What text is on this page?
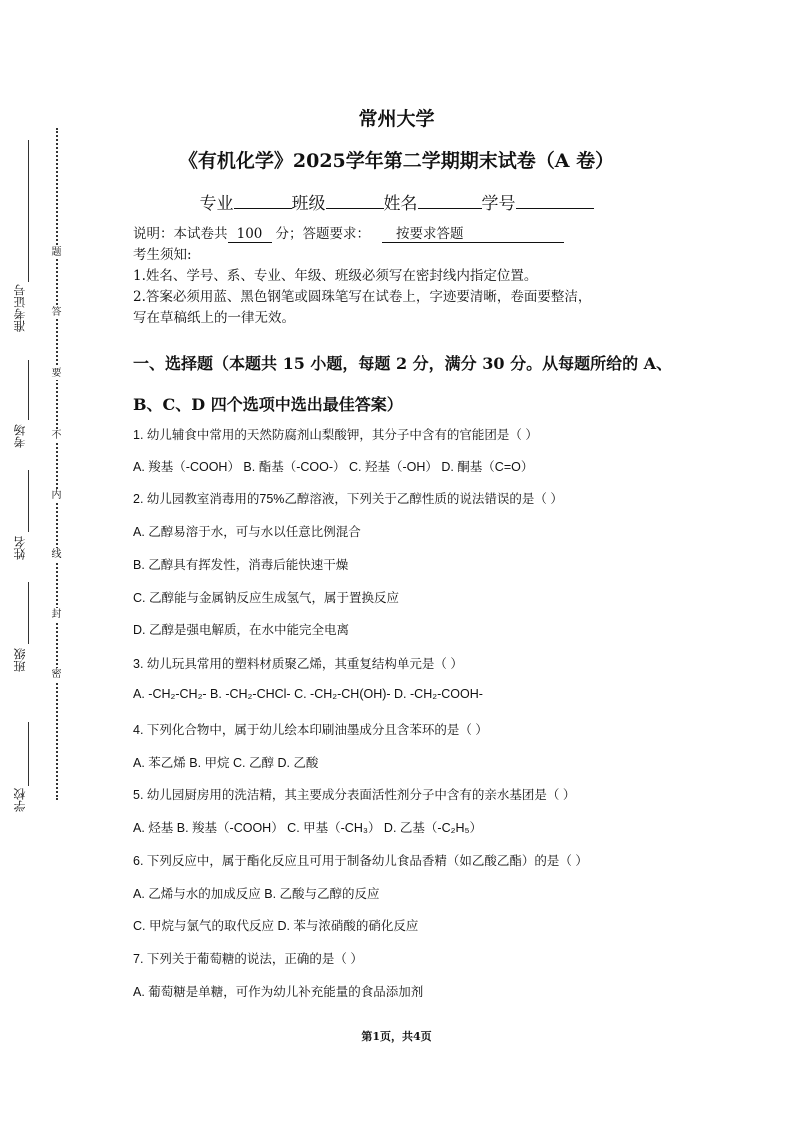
题
答
要
不
内
线
封
密
准考证号
考场
姓名
班级
学校
常州大学
《有机化学》2025学年第二学期期末试卷（A 卷）
专业	班级	姓名	学号
说明：本试卷共 100 分；答题要求： 按要求答题
考生须知:
1.姓名、学号、系、专业、年级、班级必须写在密封线内指定位置。
2.答案必须用蓝、黑色钢笔或圆珠笔写在试卷上，字迹要清晰，卷面要整洁，
写在草稿纸上的一律无效。
一、选择题（本题共 15 小题，每题 2 分，满分 30 分。从每题所给的 A、
B、C、D 四个选项中选出最佳答案）
1. 幼儿辅食中常用的天然防腐剂山梨酸钾，其分子中含有的官能团是（ ）
A. 羧基（-COOH） B. 酯基（-COO-） C. 羟基（-OH） D. 酮基（C=O）
2. 幼儿园教室消毒用的75%乙醇溶液，下列关于乙醇性质的说法错误的是（ ）
A. 乙醇易溶于水，可与水以任意比例混合
B. 乙醇具有挥发性，消毒后能快速干燥
C. 乙醇能与金属钠反应生成氢气，属于置换反应
D. 乙醇是强电解质，在水中能完全电离
3. 幼儿玩具常用的塑料材质聚乙烯，其重复结构单元是（ ）
A. -CH₂-CH₂- B. -CH₂-CHCl- C. -CH₂-CH(OH)- D. -CH₂-COOH-
4. 下列化合物中，属于幼儿绘本印刷油墨成分且含苯环的是（ ）
A. 苯乙烯 B. 甲烷 C. 乙醇 D. 乙酸
5. 幼儿园厨房用的洗洁精，其主要成分表面活性剂分子中含有的亲水基团是（ ）
A. 烃基 B. 羧基（-COOH） C. 甲基（-CH₃） D. 乙基（-C₂H₅）
6. 下列反应中，属于酯化反应且可用于制备幼儿食品香精（如乙酸乙酯）的是（ ）
A. 乙烯与水的加成反应 B. 乙酸与乙醇的反应
C. 甲烷与氯气的取代反应 D. 苯与浓硝酸的硝化反应
7. 下列关于葡萄糖的说法，正确的是（ ）
A. 葡萄糖是单糖，可作为幼儿补充能量的食品添加剂
第1页，共4页
